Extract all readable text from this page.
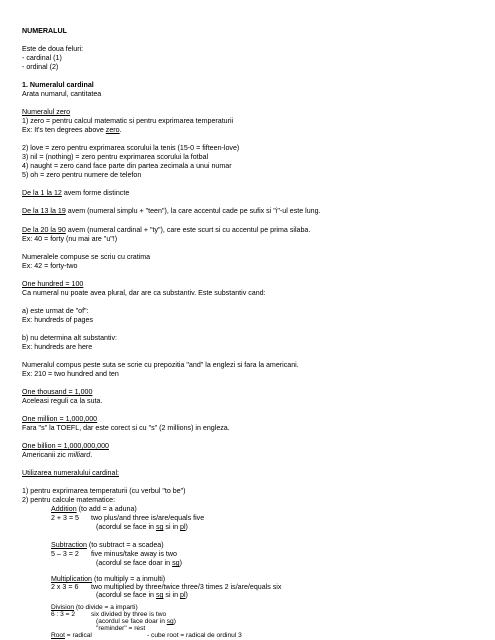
NUMERALUL
Este de doua feluri:
- cardinal (1)
- ordinal (2)
1. Numeralul cardinal
Arata numarul, cantitatea
Numeralul zero
1) zero = pentru calcul matematic si pentru exprimarea temperaturii
Ex: It's ten degrees above zero.
2) love = zero pentru exprimarea scorului la tenis (15-0 = fifteen-love)
3) nil = (nothing) = zero pentru exprimarea scorului la fotbal
4) naught = zero cand face parte din partea zecimala a unui numar
5) oh = zero pentru numere de telefon
De la 1 la 12 avem forme distincte
De la 13 la 19 avem (numeral simplu + "teen"), la care accentul cade pe sufix si "i"-ul este lung.
De la 20 la 90 avem (numeral cardinal + "ty"), care este scurt si cu accentul pe prima silaba.
Ex: 40 = forty (nu mai are "u"!)
Numeralele compuse se scriu cu cratima
Ex: 42 = forty-two
One hundred = 100
Ca numeral nu poate avea plural, dar are ca substantiv. Este substantiv cand:
a) este urmat de "of":
Ex: hundreds of pages
b) nu determina alt substantiv:
Ex: hundreds are here
Numeralul compus peste suta se scrie cu prepozitia "and" la englezi si fara la americani.
Ex: 210 = two hundred and ten
One thousand = 1,000
Aceleasi reguli ca la suta.
One million = 1,000,000
Fara "s" la TOEFL, dar este corect si cu "s" (2 millions) in engleza.
One billion = 1,000,000,000
Americanii zic milliard.
Utilizarea numeralului cardinal:
1) pentru exprimarea temperaturii (cu verbul "to be")
2) pentru calcule matematice:
Addition (to add = a aduna)
2 + 3 = 5 two plus/and three is/are/equals five
(acordul se face in sg si in pl)
Subtraction (to subtract = a scadea)
5 – 3 = 2 five minus/take away is two
(acordul se face doar in sg)
Multiplication (to multiply = a inmulti)
2 x 3 = 6 two multiplied by three/twice three/3 times 2 is/are/equals six
(acordul se face in sg si in pl)
Division (to divide = a imparti)
6 : 3 = 2 six divided by three is two
(acordul se face doar in sg)
"reminder" = rest
Root = radical	- cube root = radical de ordinul 3
